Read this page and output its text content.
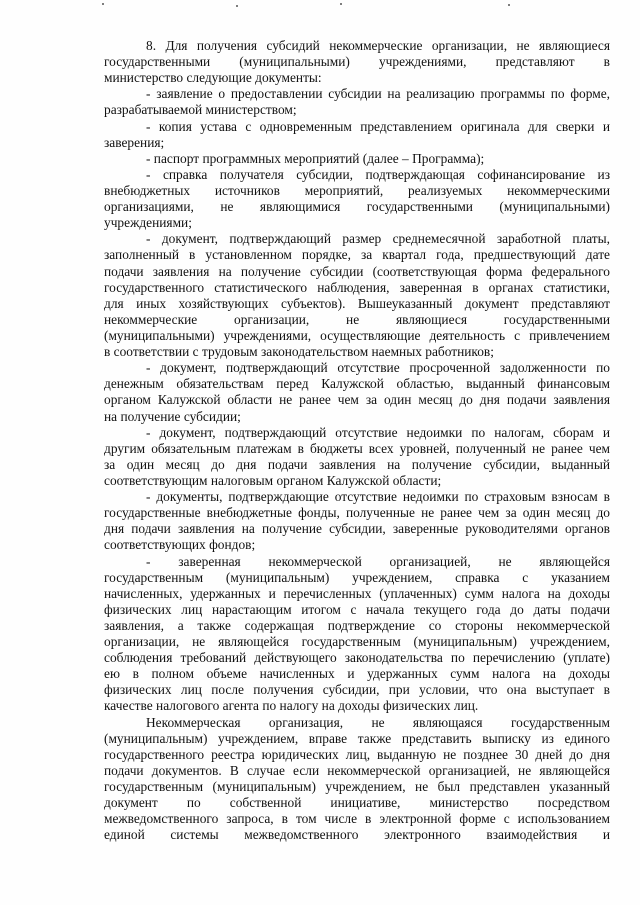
8. Для получения субсидий некоммерческие организации, не являющиеся
государственными (муниципальными) учреждениями, представляют в
министерство следующие документы:
- заявление о предоставлении субсидии на реализацию программы по форме,
разрабатываемой министерством;
- копия устава с одновременным представлением оригинала для сверки и
заверения;
- паспорт программных мероприятий (далее – Программа);
- справка получателя субсидии, подтверждающая софинансирование из
внебюджетных источников мероприятий, реализуемых некоммерческими
организациями, не являющимися государственными (муниципальными)
учреждениями;
- документ, подтверждающий размер среднемесячной заработной платы,
заполненный в установленном порядке, за квартал года, предшествующий дате
подачи заявления на получение субсидии (соответствующая форма федерального
государственного статистического наблюдения, заверенная в органах статистики,
для иных хозяйствующих субъектов). Вышеуказанный документ представляют
некоммерческие организации, не являющиеся государственными
(муниципальными) учреждениями, осуществляющие деятельность с привлечением
в соответствии с трудовым законодательством наемных работников;
- документ, подтверждающий отсутствие просроченной задолженности по
денежным обязательствам перед Калужской областью, выданный финансовым
органом Калужской области не ранее чем за один месяц до дня подачи заявления
на получение субсидии;
- документ, подтверждающий отсутствие недоимки по налогам, сборам и
другим обязательным платежам в бюджеты всех уровней, полученный не ранее чем
за один месяц до дня подачи заявления на получение субсидии, выданный
соответствующим налоговым органом Калужской области;
- документы, подтверждающие отсутствие недоимки по страховым взносам в
государственные внебюджетные фонды, полученные не ранее чем за один месяц до
дня подачи заявления на получение субсидии, заверенные руководителями органов
соответствующих фондов;
- заверенная некоммерческой организацией, не являющейся
государственным (муниципальным) учреждением, справка с указанием
начисленных, удержанных и перечисленных (уплаченных) сумм налога на доходы
физических лиц нарастающим итогом с начала текущего года до даты подачи
заявления, а также содержащая подтверждение со стороны некоммерческой
организации, не являющейся государственным (муниципальным) учреждением,
соблюдения требований действующего законодательства по перечислению (уплате)
ею в полном объеме начисленных и удержанных сумм налога на доходы
физических лиц после получения субсидии, при условии, что она выступает в
качестве налогового агента по налогу на доходы физических лиц.
Некоммерческая организация, не являющаяся государственным
(муниципальным) учреждением, вправе также представить выписку из единого
государственного реестра юридических лиц, выданную не позднее 30 дней до дня
подачи документов. В случае если некоммерческой организацией, не являющейся
государственным (муниципальным) учреждением, не был представлен указанный
документ по собственной инициативе, министерство посредством
межведомственного запроса, в том числе в электронной форме с использованием
единой системы межведомственного электронного взаимодействия и
